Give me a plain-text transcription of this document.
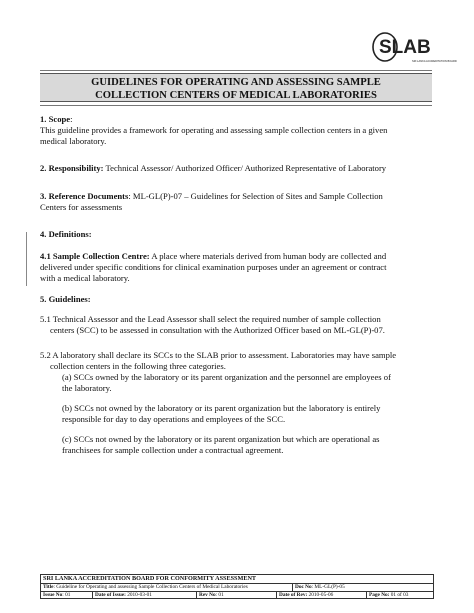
SLAB
SRI LANKA ACCREDITATION BOARD
GUIDELINES FOR OPERATING AND ASSESSING SAMPLE
COLLECTION CENTERS OF MEDICAL LABORATORIES
1. Scope:
This guideline provides a framework for operating and assessing sample collection centers in a given
medical laboratory.
2. Responsibility: Technical Assessor/ Authorized Officer/ Authorized Representative of Laboratory
3. Reference Documents: ML-GL(P)-07 – Guidelines for Selection of Sites and Sample Collection
Centers for assessments
4. Definitions:
4.1 Sample Collection Centre: A place where materials derived from human body are collected and
delivered under specific conditions for clinical examination purposes under an agreement or contract
with a medical laboratory.
5. Guidelines:
5.1 Technical Assessor and the Lead Assessor shall select the required number of sample collection
centers (SCC) to be assessed in consultation with the Authorized Officer based on ML-GL(P)-07.
5.2 A laboratory shall declare its SCCs to the SLAB prior to assessment. Laboratories may have sample
collection centers in the following three categories.
(a) SCCs owned by the laboratory or its parent organization and the personnel are employees of
the laboratory.
(b) SCCs not owned by the laboratory or its parent organization but the laboratory is entirely
responsible for day to day operations and employees of the SCC.
(c) SCCs not owned by the laboratory or its parent organization but which are operational as
franchisees for sample collection under a contractual agreement.
SRI LANKA ACCREDITATION BOARD FOR CONFORMITY ASSESSMENT
Title: Guideline for Operating and assessing Sample Collection Centers of Medical Laboratories	Doc No: ML-GL(P)-05
Issue No: 01	Date of Issue: 2010-03-01	Rev No: 01	Date of Rev: 2010-05-06	Page No: 01 of 03
